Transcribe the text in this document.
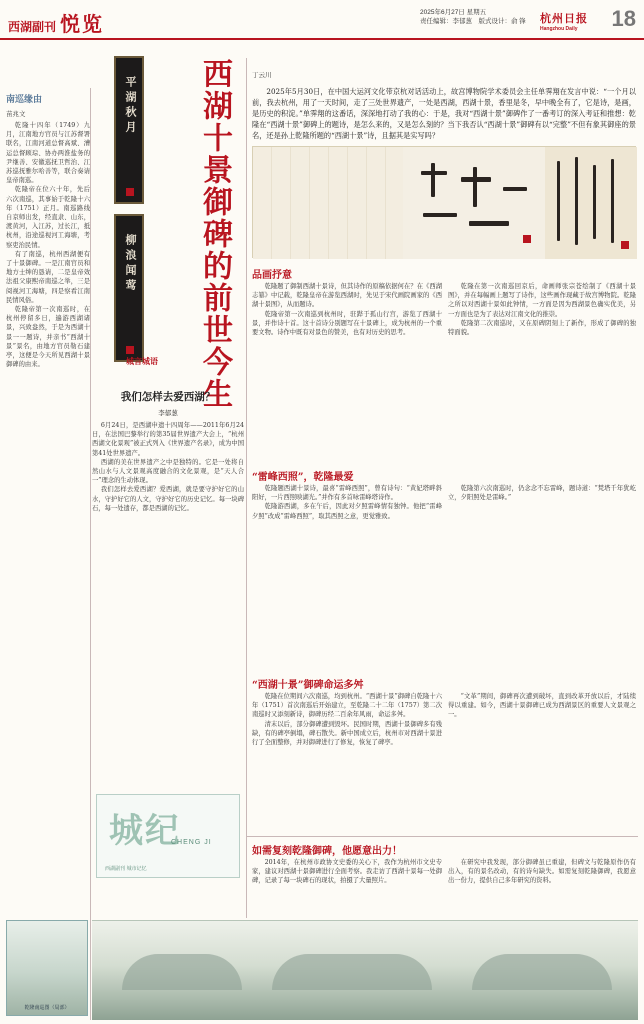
西湖副刊 悦览	2025年6月27日 星期五
责任编辑：李郁葱　版式设计：俞 锋 杭州日报
Hangzhou Daily	18
南巡缘由
苗兆文

乾隆十四年（1749）九月，江南地方官员与江苏督署联名，江南河道总督高斌、漕运总督顾琮、协办两淮盐务的尹继善、安徽巡抚卫哲治、江苏巡抚雅尔哈善等，联合奏请皇帝南巡。

乾隆帝在位六十年，先后六次南巡，其事始于乾隆十六年（1751）正月。南巡路线自京师出发，经直隶、山东，渡黄河，入江苏，过长江，抵杭州，沿途巡视河工海塘，考察吏治民情。

有了南巡，杭州西湖便有了十景御碑。一是江南官员和地方士绅的恳请，二是皇帝效法祖父康熙帝南巡之举，三是阅视河工海塘，四是察看江南民情风俗。

乾隆帝第一次南巡时，在杭州停留多日，遍游西湖诸景，兴致盎然，于是为西湖十景一一题诗，并亲书“西湖十景”景名，由地方官员勒石建亭，这便是今天所见西湖十景御碑的由来。

乾隆南巡图（局部）
平湖秋月
柳浪闻莺 西湖十景御碑的前世今生	丁云川

2025年5月30日，在中国大运河文化带京杭对话活动上，故宫博物院学术委员会主任单霁翔在发言中说：“一个月以前，我去杭州，用了一天时间，走了三处世界遗产，一处是西湖，西湖十景，香里是冬，早中晚全有了，它是诗，是画，是历史的积淀。”单霁翔的这番话，深深地打动了我的心：于是，我对“西湖十景”御碑作了一番考订的深入考证和推想：乾隆在“西湖十景”御碑上的题诗，是怎么来的，又是怎么刻的？当下我否认“西湖十景”御碑有以“完整”不但有象其御座的景名，还是孙上乾隆所题的“西湖十景”诗，且据其是实写吗？

城言城语
我们怎样去爱西湖？
李郁葱

6月24日，是西湖申遗十四周年——2011年6月24日，在法国巴黎举行的第35届世界遗产大会上，“杭州西湖文化景观”被正式列入《世界遗产名录》，成为中国第41处世界遗产。

西湖的美在世界遗产之中是独特的。它是一处将自然山水与人文景观高度融合的文化景观，是“天人合一”理念的生动体现。

我们怎样去爱西湖？爱西湖，就是要守护好它的山水，守护好它的人文，守护好它的历史记忆。每一块碑石，每一处遗存，都是西湖的记忆。

品画抒意

乾隆题了御制西湖十景诗，但其诗作的原稿依据何在？在《西湖志纂》中记载，乾隆皇帝在游览西湖时，先见于宋代画院画家的《西湖十景图》，从而题诗。

乾隆帝第一次南巡到杭州时，驻跸于孤山行宫，游览了西湖十景，并作诗十首。这十首诗分别题写在十景碑上，成为杭州的一个重要文物。诗作中既有对景色的赞美，也有对历史的思考。

乾隆在第一次南巡回京后，命画师张宗苍绘制了《西湖十景图》，并在每幅画上题写了诗作，这些画作现藏于故宫博物院。乾隆之所以对西湖十景如此钟情，一方面是因为西湖景色确实优美，另一方面也是为了表达对江南文化的推崇。

乾隆第二次南巡时，又在原碑阴刻上了新作，形成了御碑的独特面貌。

“雷峰西照”，乾隆最爱

乾隆题西湖十景诗，最喜“雷峰西照”，曾有诗句：“黄妃塔畔斜阳好，一片西照映湖光。”并作有多首咏雷峰塔诗作。

乾隆游西湖，多在午后，因此对夕照雷峰情有独钟。他把“雷峰夕照”改成“雷峰西照”，取其西照之意，更觉雅致。

乾隆第六次南巡时，仍念念不忘雷峰，题诗道：“梵塔千年犹屹立，夕阳照处是雷峰。”

“西湖十景”御碑命运多舛

乾隆在位期间六次南巡，均到杭州。“西湖十景”御碑自乾隆十六年（1751）首次南巡后开始建立，至乾隆二十二年（1757）第二次南巡时又添刻新诗，御碑历经二百余年风雨，命运多舛。

清末以后，部分御碑遭到毁坏。民国时期，西湖十景御碑多有残缺，有的碑亭倒塌，碑石散失。新中国成立后，杭州市对西湖十景进行了全面整修，并对御碑进行了修复，恢复了碑亭。

“文革”期间，御碑再次遭到破坏，直到改革开放以后，才陆续得以重建。如今，西湖十景御碑已成为西湖景区的重要人文景观之一。

如需复刻乾隆御碑，他愿意出力！

2014年，在杭州市政协文史委的关心下，我作为杭州市文史专家，建议对西湖十景御碑进行全面考察。我走访了西湖十景每一处御碑，记录了每一块碑石的现状，拍摄了大量照片。

在研究中我发现，部分御碑虽已重建，但碑文与乾隆原作仍有出入，有的景名改动，有的诗句缺失。如需复刻乾隆御碑，我愿意出一份力，提供自己多年研究的资料。

城纪
CHENG JI
西湖副刊 城市记忆
